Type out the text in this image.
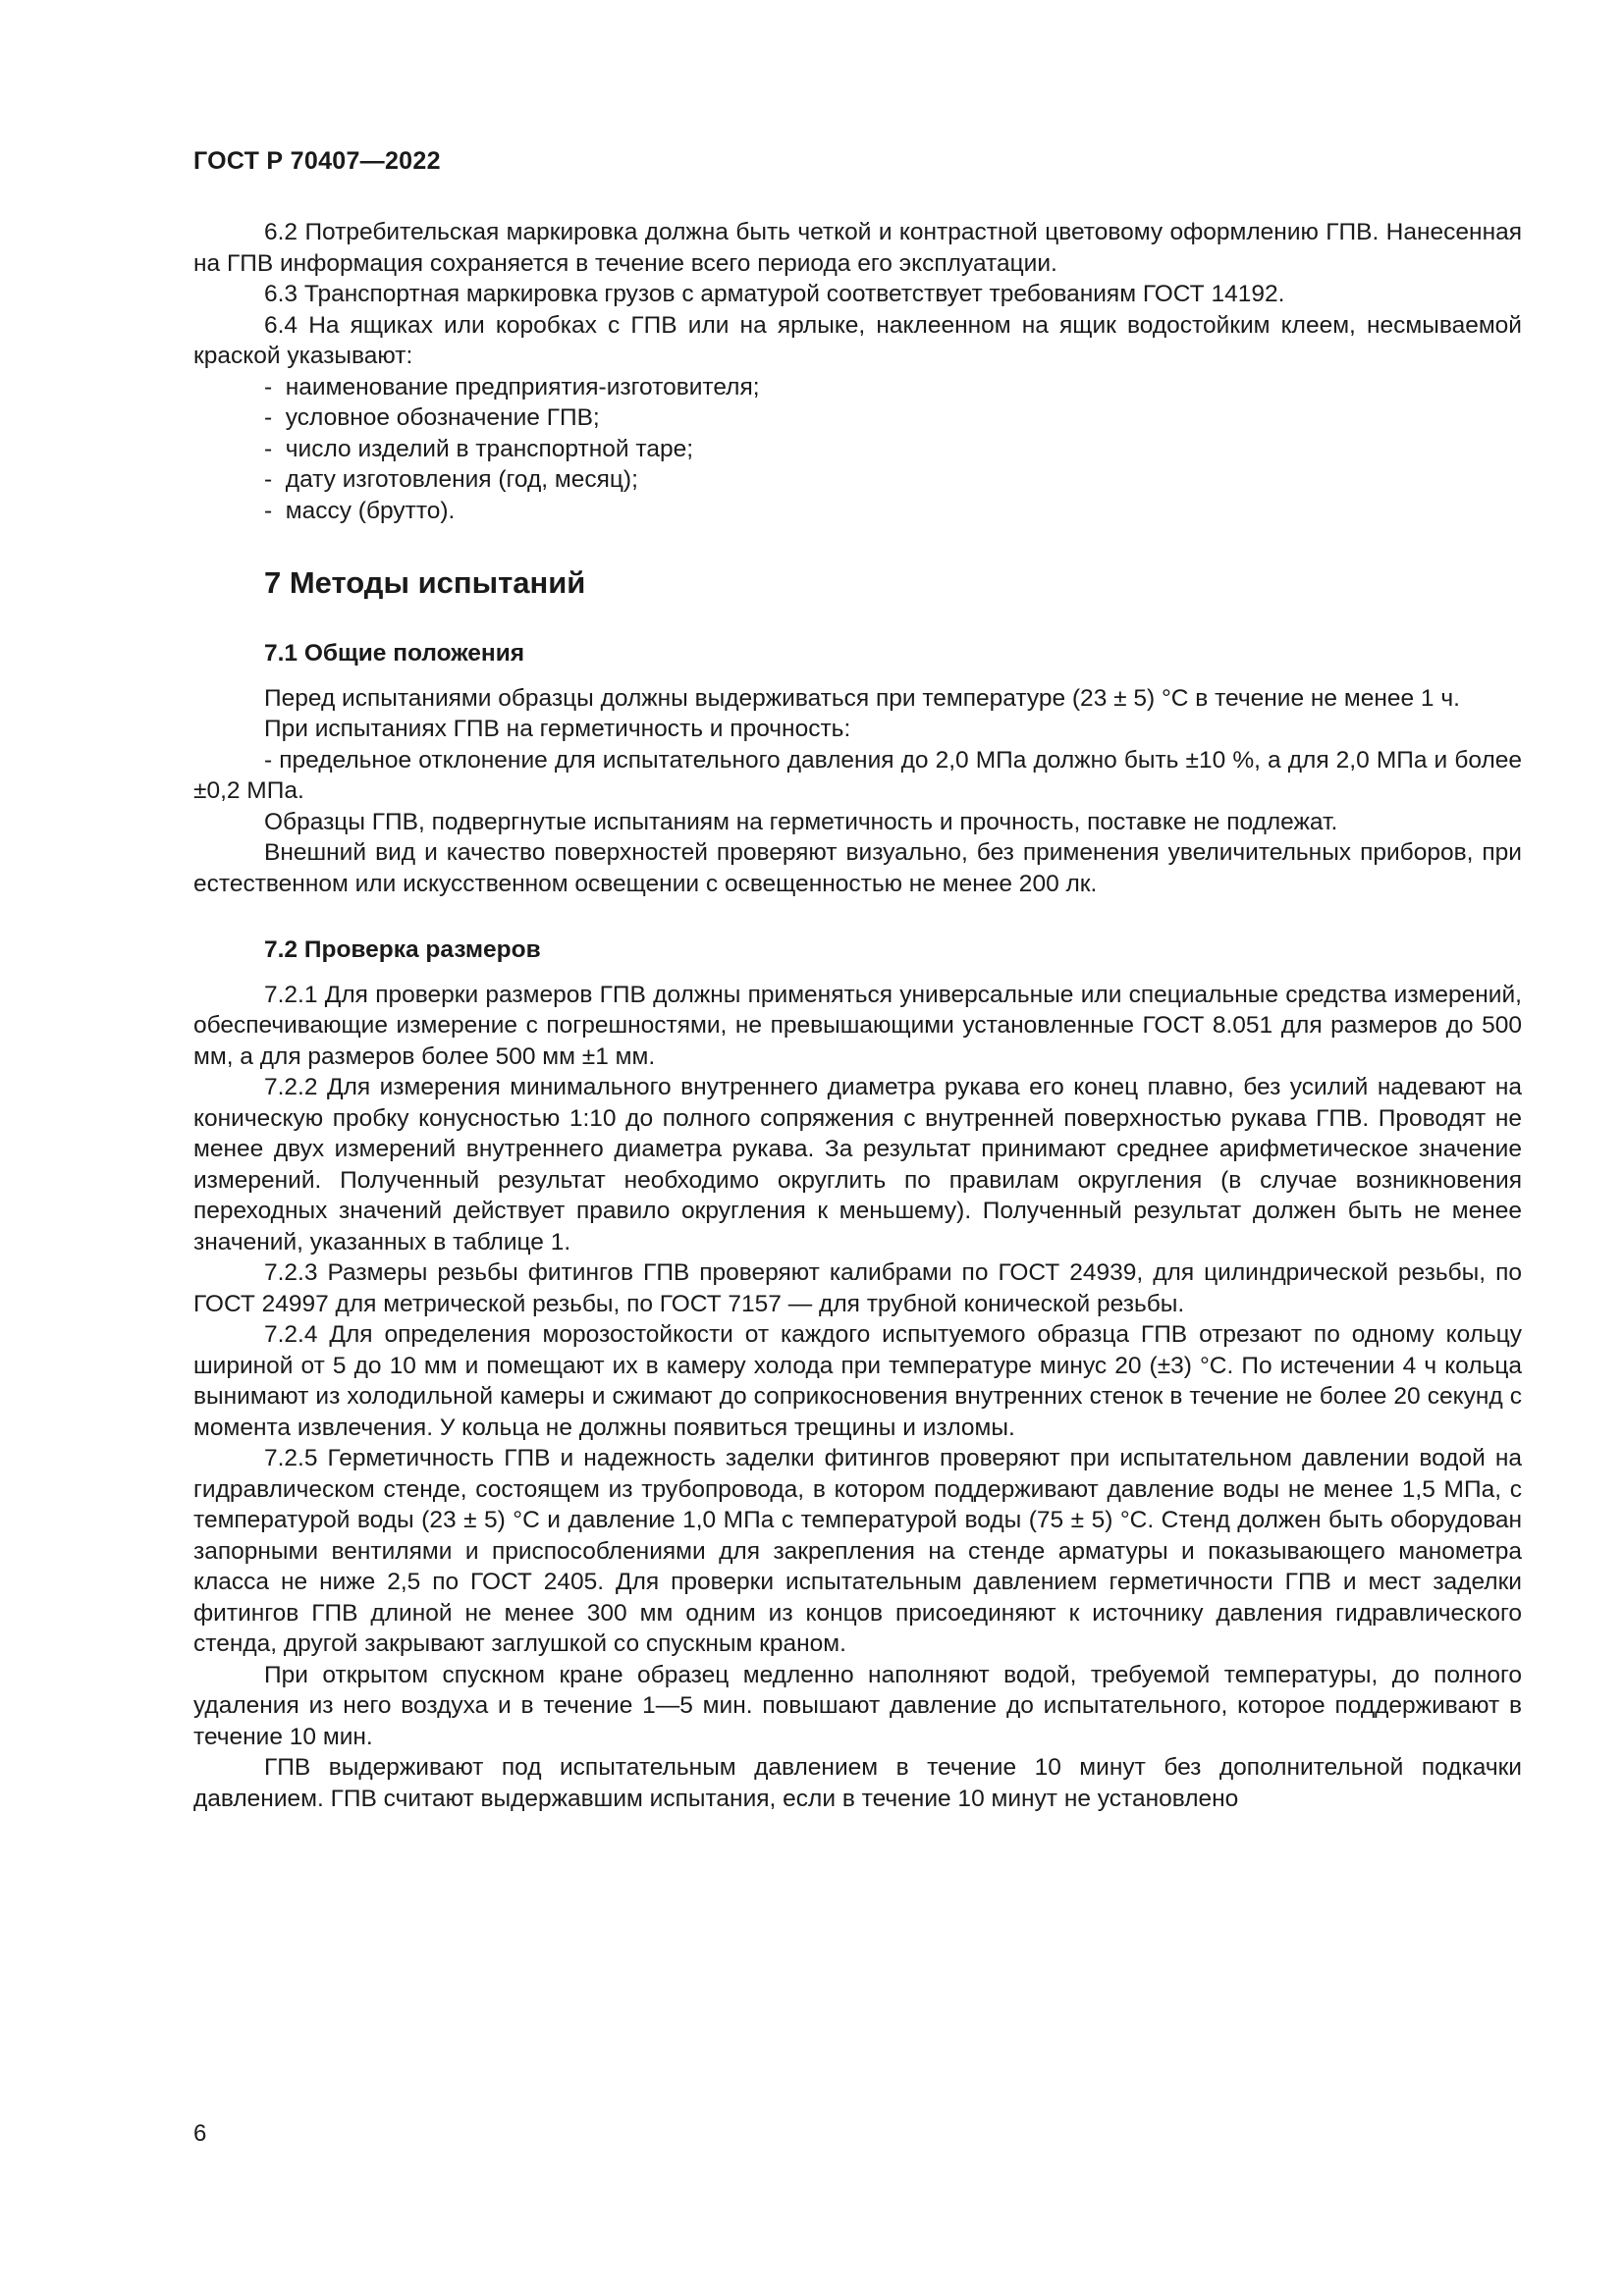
ГОСТ Р 70407—2022

6.2 Потребительская маркировка должна быть четкой и контрастной цветовому оформлению ГПВ. Нанесенная на ГПВ информация сохраняется в течение всего периода его эксплуатации.

6.3 Транспортная маркировка грузов с арматурой соответствует требованиям ГОСТ 14192.

6.4 На ящиках или коробках с ГПВ или на ярлыке, наклеенном на ящик водостойким клеем, несмываемой краской указывают:

-  наименование предприятия-изготовителя;
-  условное обозначение ГПВ;
-  число изделий в транспортной таре;
-  дату изготовления (год, месяц);
-  массу (брутто).
7 Методы испытаний
7.1 Общие положения

Перед испытаниями образцы должны выдерживаться при температуре (23 ± 5) °С в течение не менее 1 ч.

При испытаниях ГПВ на герметичность и прочность:

- предельное отклонение для испытательного давления до 2,0 МПа должно быть ±10 %, а для 2,0 МПа и более ±0,2 МПа.

Образцы ГПВ, подвергнутые испытаниям на герметичность и прочность, поставке не подлежат.

Внешний вид и качество поверхностей проверяют визуально, без применения увеличительных приборов, при естественном или искусственном освещении с освещенностью не менее 200 лк.

7.2 Проверка размеров

7.2.1 Для проверки размеров ГПВ должны применяться универсальные или специальные средства измерений, обеспечивающие измерение с погрешностями, не превышающими установленные ГОСТ 8.051 для размеров до 500 мм, а для размеров более 500 мм ±1 мм.

7.2.2 Для измерения минимального внутреннего диаметра рукава его конец плавно, без усилий надевают на коническую пробку конусностью 1:10 до полного сопряжения с внутренней поверхностью рукава ГПВ. Проводят не менее двух измерений внутреннего диаметра рукава. За результат принимают среднее арифметическое значение измерений. Полученный результат необходимо округлить по правилам округления (в случае возникновения переходных значений действует правило округления к меньшему). Полученный результат должен быть не менее значений, указанных в таблице 1.

7.2.3 Размеры резьбы фитингов ГПВ проверяют калибрами по ГОСТ 24939, для цилиндрической резьбы, по ГОСТ 24997 для метрической резьбы, по ГОСТ 7157 — для трубной конической резьбы.

7.2.4 Для определения морозостойкости от каждого испытуемого образца ГПВ отрезают по одному кольцу шириной от 5 до 10 мм и помещают их в камеру холода при температуре минус 20 (±3) °С. По истечении 4 ч кольца вынимают из холодильной камеры и сжимают до соприкосновения внутренних стенок в течение не более 20 секунд с момента извлечения. У кольца не должны появиться трещины и изломы.

7.2.5 Герметичность ГПВ и надежность заделки фитингов проверяют при испытательном давлении водой на гидравлическом стенде, состоящем из трубопровода, в котором поддерживают давление воды не менее 1,5 МПа, с температурой воды (23 ± 5) °С и давление 1,0 МПа с температурой воды (75 ± 5) °С. Стенд должен быть оборудован запорными вентилями и приспособлениями для закрепления на стенде арматуры и показывающего манометра класса не ниже 2,5 по ГОСТ 2405. Для проверки испытательным давлением герметичности ГПВ и мест заделки фитингов ГПВ длиной не менее 300 мм одним из концов присоединяют к источнику давления гидравлического стенда, другой закрывают заглушкой со спускным краном.

При открытом спускном кране образец медленно наполняют водой, требуемой температуры, до полного удаления из него воздуха и в течение 1—5 мин. повышают давление до испытательного, которое поддерживают в течение 10 мин.

ГПВ выдерживают под испытательным давлением в течение 10 минут без дополнительной подкачки давлением. ГПВ считают выдержавшим испытания, если в течение 10 минут не установлено

6
